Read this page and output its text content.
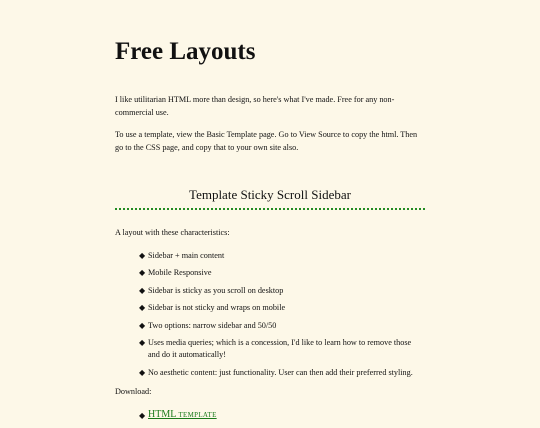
Free Layouts

I like utilitarian HTML more than design, so here's what I've made. Free for any non-commercial use.

To use a template, view the Basic Template page. Go to View Source to copy the html. Then go to the CSS page, and copy that to your own site also.

Template Sticky Scroll Sidebar

A layout with these characteristics:

◆ Sidebar + main content
◆ Mobile Responsive
◆ Sidebar is sticky as you scroll on desktop
◆ Sidebar is not sticky and wraps on mobile
◆ Two options: narrow sidebar and 50/50
◆ Uses media queries; which is a concession, I'd like to learn how to remove those and do it automatically!
◆ No aesthetic content: just functionality. User can then add their preferred styling.

Download:

◆ HTML TEMPLATE
